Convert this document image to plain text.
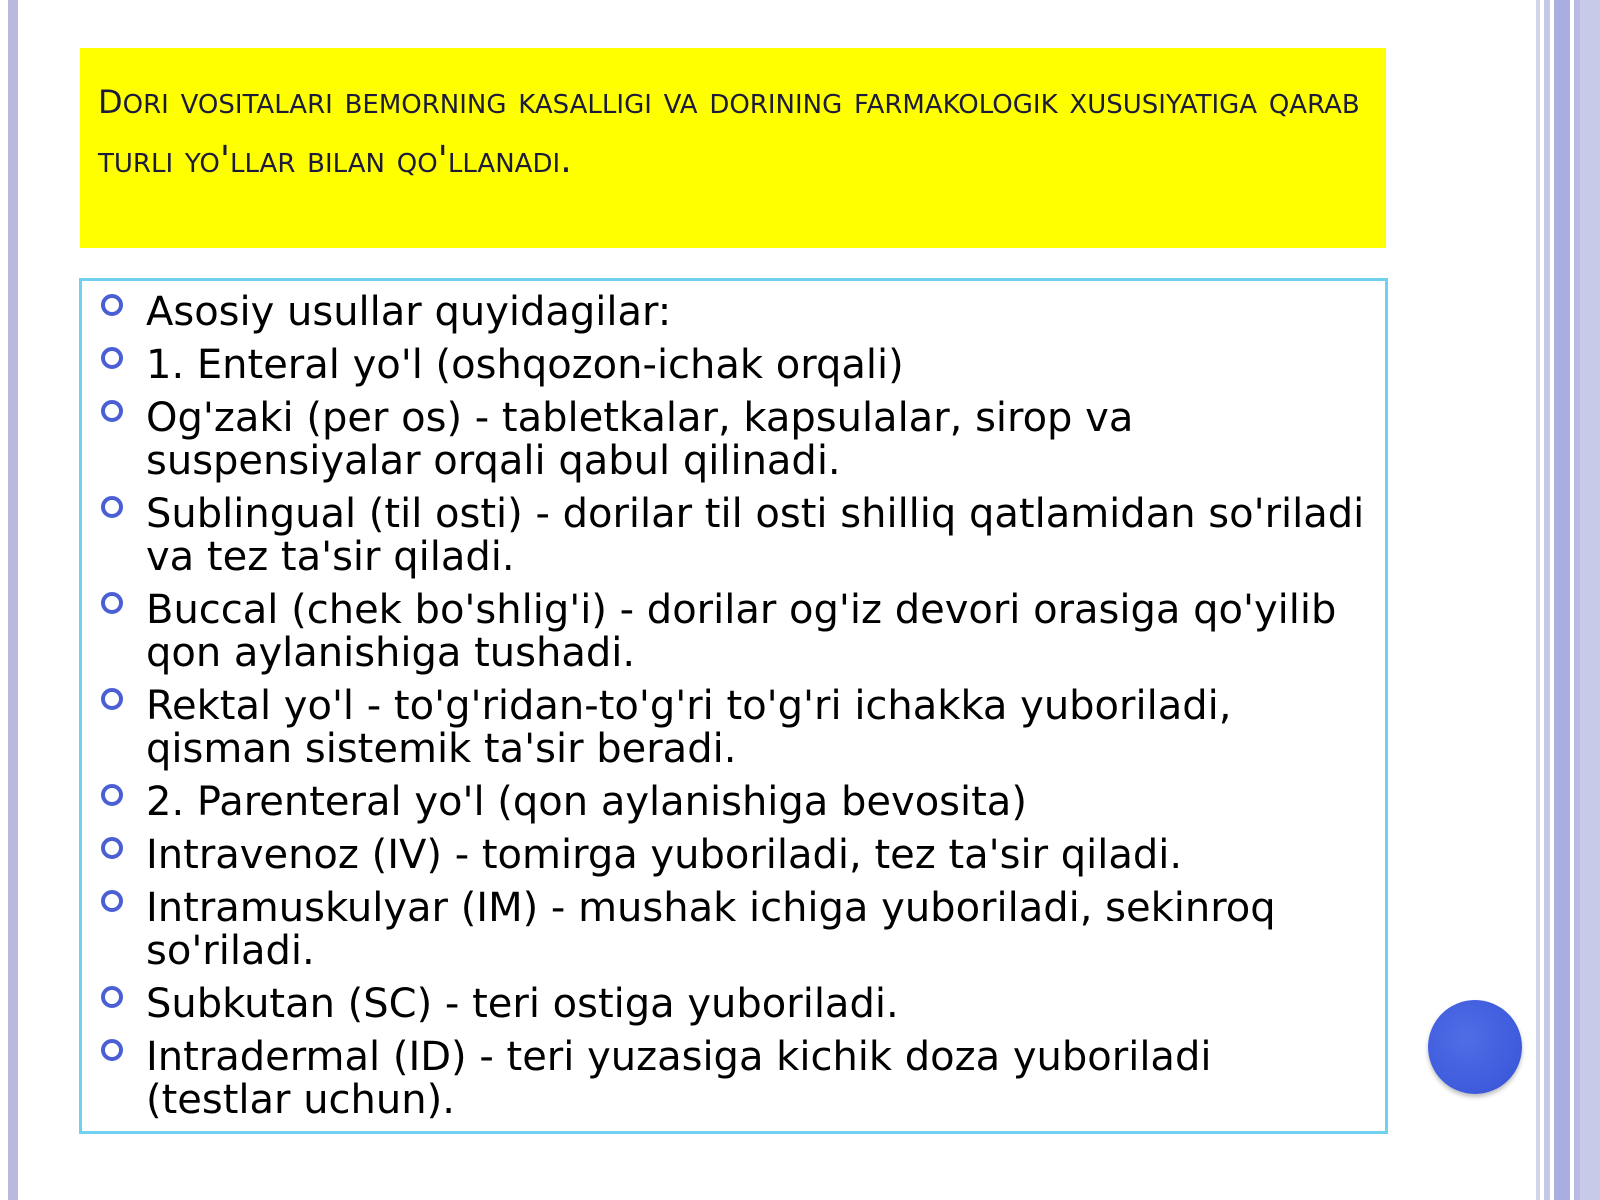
dori vositalari bemorning kasalligi va dorining farmakologik xususiyatiga qarab turli yo'llar bilan qo'llanadi.
Asosiy usullar quyidagilar:
1. Enteral yo'l (oshqozon-ichak orqali)
Og'zaki (per os) - tabletkalar, kapsulalar, sirop va suspensiyalar orqali qabul qilinadi.
Sublingual (til osti) - dorilar til osti shilliq qatlamidan so'riladi va tez ta'sir qiladi.
Buccal (chek bo'shlig'i) - dorilar og'iz devori orasiga qo'yilib qon aylanishiga tushadi.
Rektal yo'l - to'g'ridan-to'g'ri to'g'ri ichakka yuboriladi, qisman sistemik ta'sir beradi.
2. Parenteral yo'l (qon aylanishiga bevosita)
Intravenoz (IV) - tomirga yuboriladi, tez ta'sir qiladi.
Intramuskulyar (IM) - mushak ichiga yuboriladi, sekinroq so'riladi.
Subkutan (SC) - teri ostiga yuboriladi.
Intradermal (ID) - teri yuzasiga kichik doza yuboriladi (testlar uchun).
